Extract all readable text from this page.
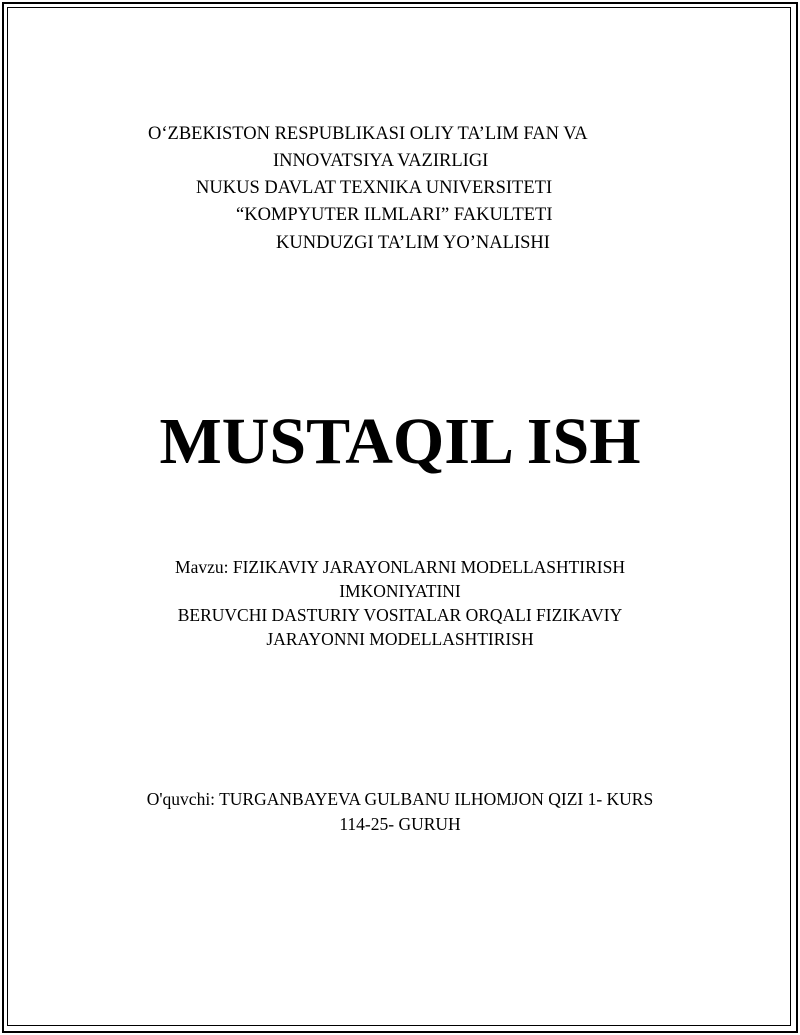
O‘ZBEKISTON RESPUBLIKASI OLIY TA’LIM FAN VA
INNOVATSIYA VAZIRLIGI
NUKUS DAVLAT TEXNIKA UNIVERSITETI
“KOMPYUTER ILMLARI” FAKULTETI
KUNDUZGI TA’LIM YO’NALISHI
MUSTAQIL ISH
Mavzu: FIZIKAVIY JARAYONLARNI MODELLASHTIRISH
IMKONIYATINI
BERUVCHI DASTURIY VOSITALAR ORQALI FIZIKAVIY
JARAYONNI MODELLASHTIRISH
O'quvchi: TURGANBAYEVA GULBANU ILHOMJON QIZI 1- KURS
114-25- GURUH
